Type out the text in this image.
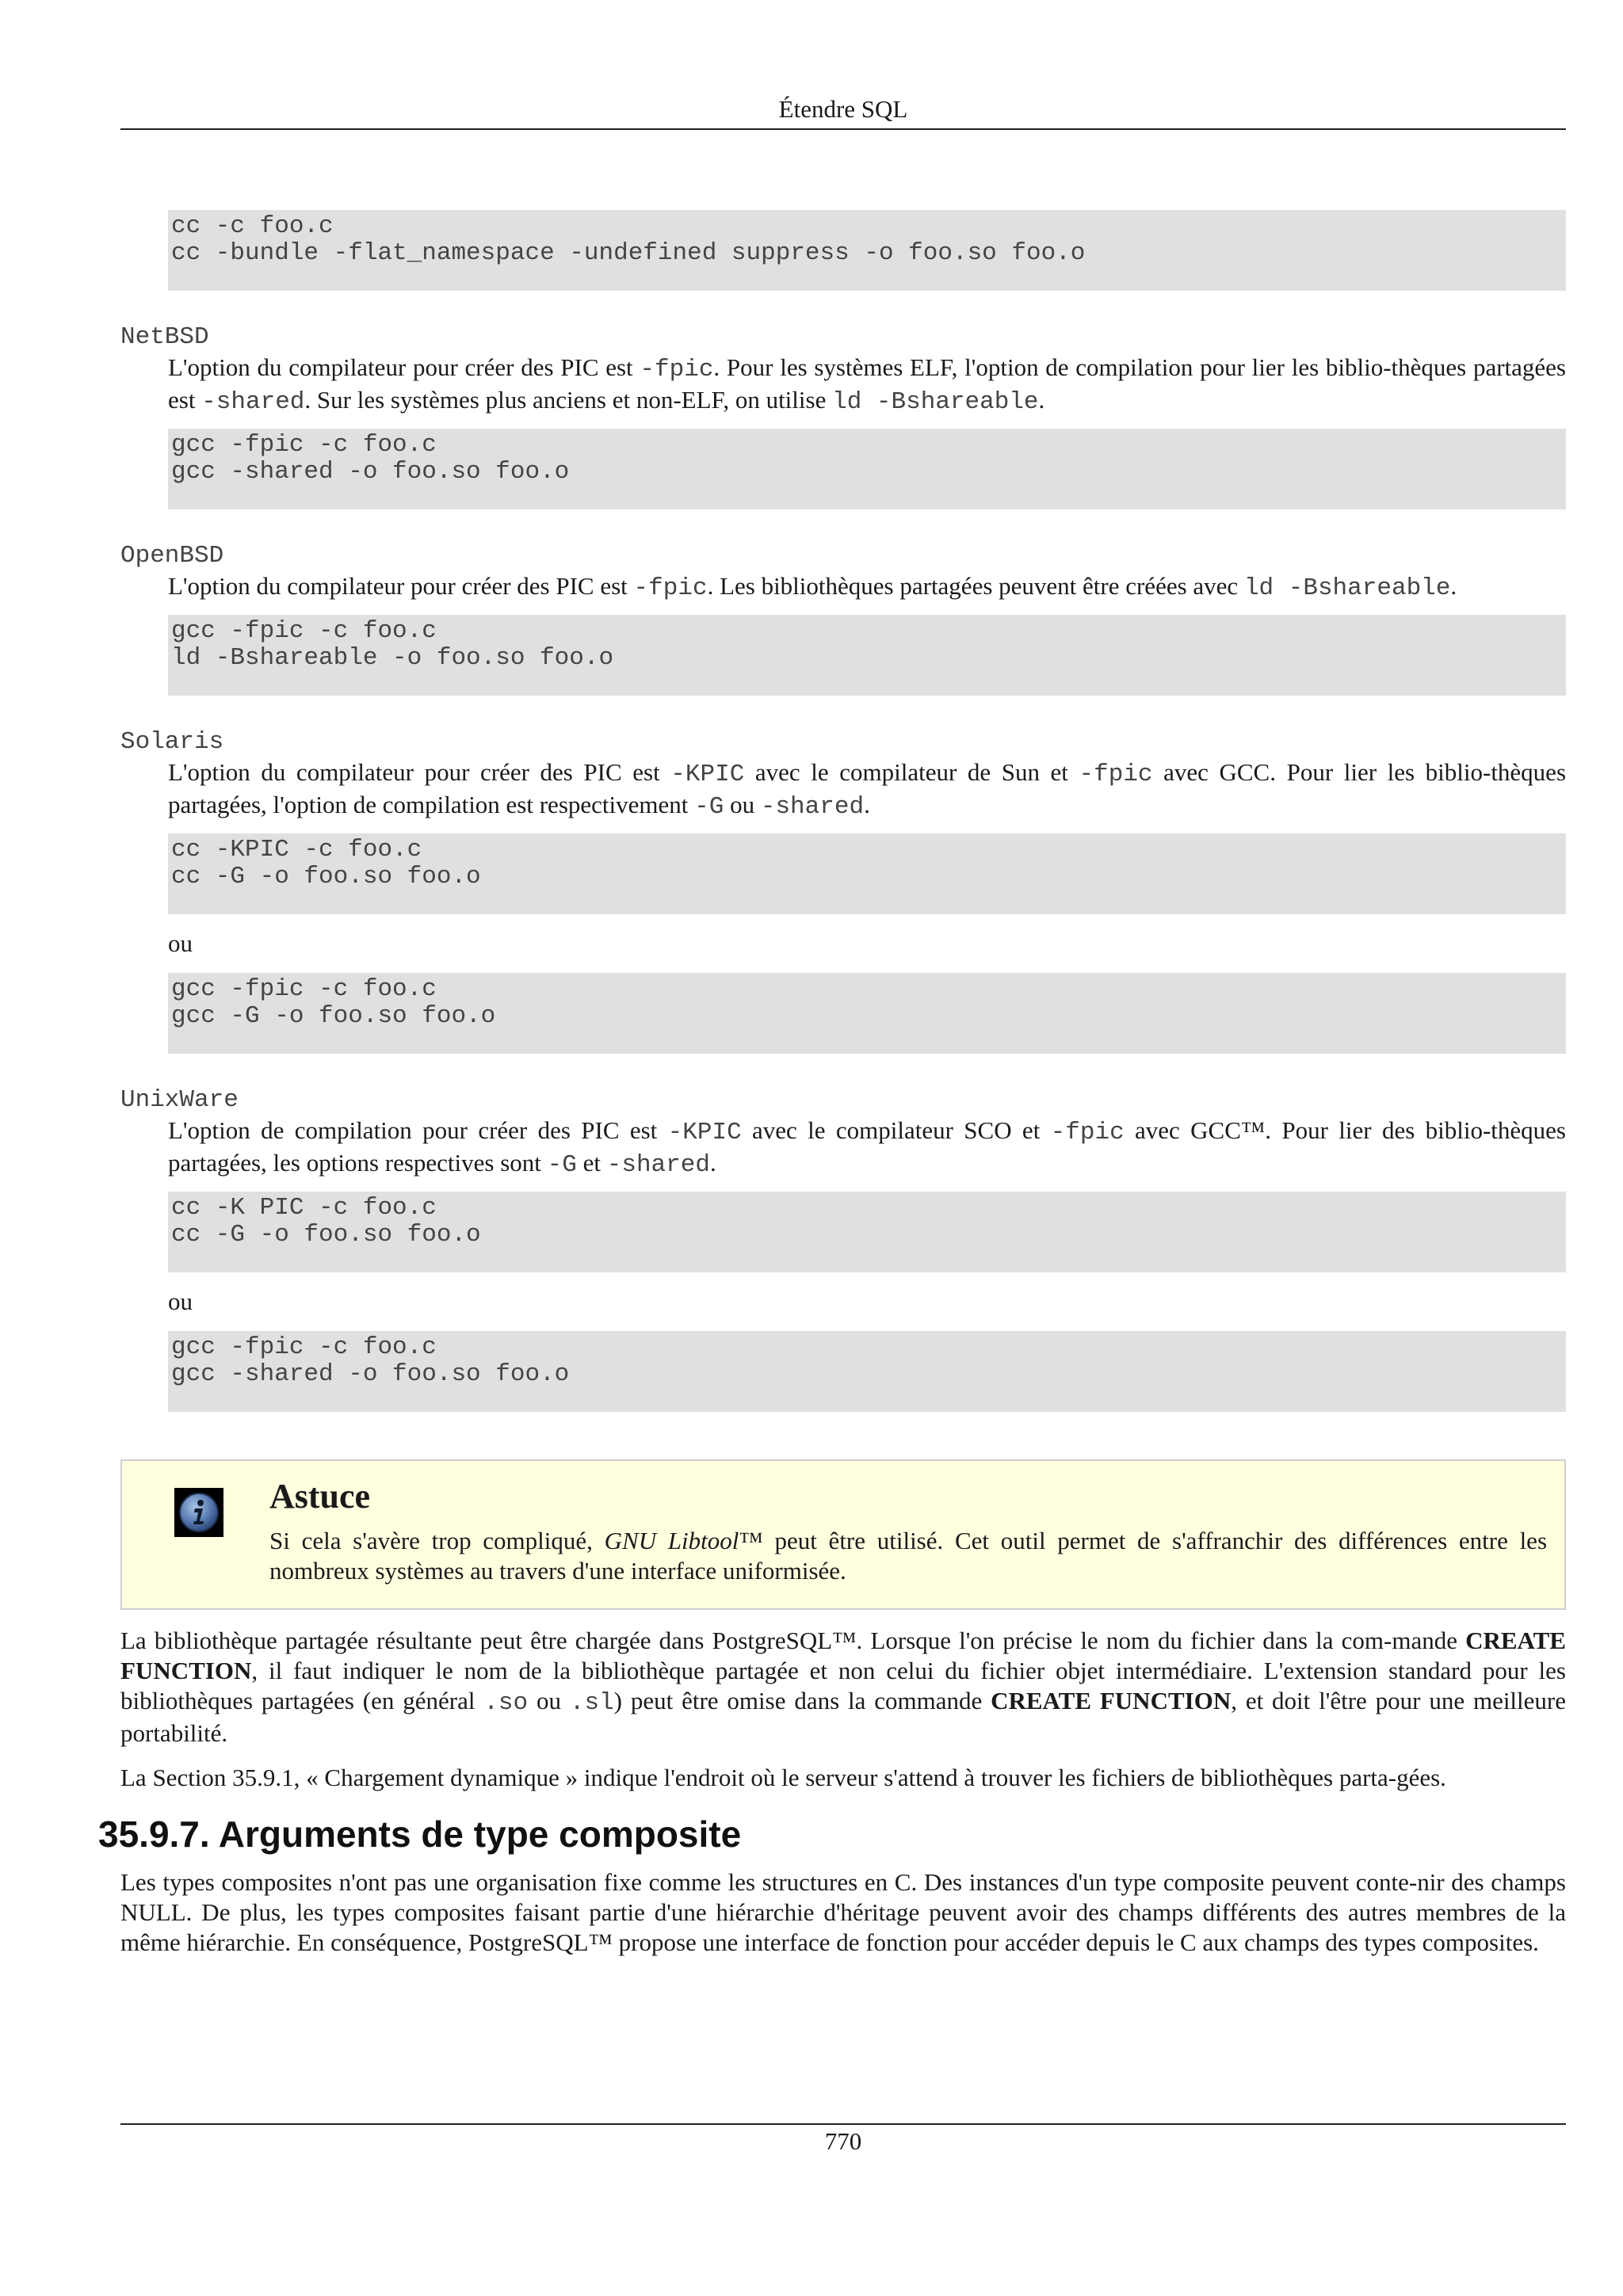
Étendre SQL
cc -c foo.c
cc -bundle -flat_namespace -undefined suppress -o foo.so foo.o
NetBSD

L'option du compilateur pour créer des PIC est -fpic. Pour les systèmes ELF, l'option de compilation pour lier les biblio-thèques partagées est -shared. Sur les systèmes plus anciens et non-ELF, on utilise ld -Bshareable.

gcc -fpic -c foo.c
gcc -shared -o foo.so foo.o
OpenBSD

L'option du compilateur pour créer des PIC est -fpic. Les bibliothèques partagées peuvent être créées avec ld -Bshareable.

gcc -fpic -c foo.c
ld -Bshareable -o foo.so foo.o
Solaris

L'option du compilateur pour créer des PIC est -KPIC avec le compilateur de Sun et -fpic avec GCC. Pour lier les biblio-thèques partagées, l'option de compilation est respectivement -G ou -shared.

cc -KPIC -c foo.c
cc -G -o foo.so foo.o
ou
gcc -fpic -c foo.c
gcc -G -o foo.so foo.o
UnixWare

L'option de compilation pour créer des PIC est -KPIC avec le compilateur SCO et -fpic avec GCC™. Pour lier des biblio-thèques partagées, les options respectives sont -G et -shared.

cc -K PIC -c foo.c
cc -G -o foo.so foo.o
ou
gcc -fpic -c foo.c
gcc -shared -o foo.so foo.o
Astuce
Si cela s'avère trop compliqué, GNU Libtool™ peut être utilisé. Cet outil permet de s'affranchir des différences entre les nombreux systèmes au travers d'une interface uniformisée.
La bibliothèque partagée résultante peut être chargée dans PostgreSQL™. Lorsque l'on précise le nom du fichier dans la com-mande CREATE FUNCTION, il faut indiquer le nom de la bibliothèque partagée et non celui du fichier objet intermédiaire. L'extension standard pour les bibliothèques partagées (en général .so ou .sl) peut être omise dans la commande CREATE FUNCTION, et doit l'être pour une meilleure portabilité.
La Section 35.9.1, « Chargement dynamique » indique l'endroit où le serveur s'attend à trouver les fichiers de bibliothèques parta-gées.
35.9.7. Arguments de type composite
Les types composites n'ont pas une organisation fixe comme les structures en C. Des instances d'un type composite peuvent conte-nir des champs NULL. De plus, les types composites faisant partie d'une hiérarchie d'héritage peuvent avoir des champs différents des autres membres de la même hiérarchie. En conséquence, PostgreSQL™ propose une interface de fonction pour accéder depuis le C aux champs des types composites.
770
